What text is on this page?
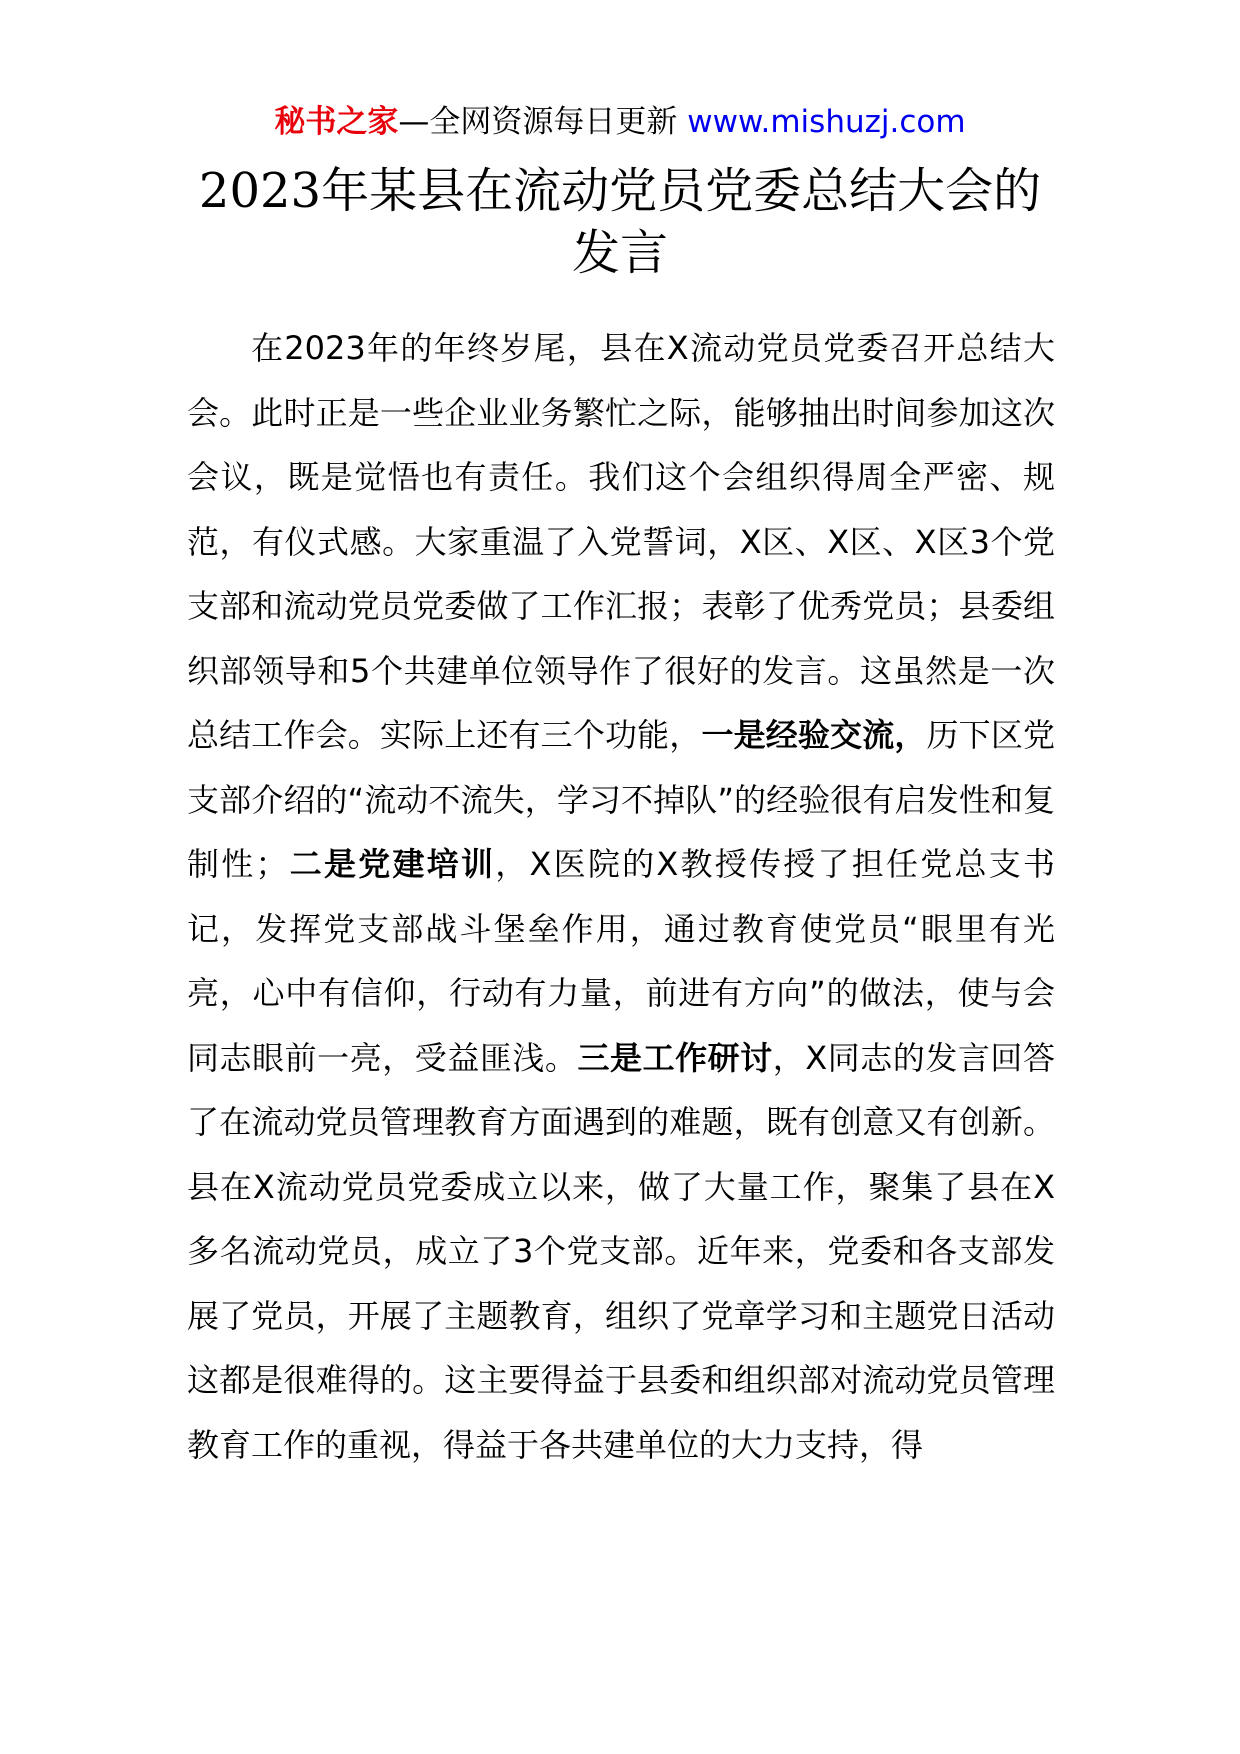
秘书之家—全网资源每日更新 www.mishuzj.com
2023年某县在流动党员党委总结大会的发言

在2023年的年终岁尾，县在X流动党员党委召开总结大会。此时正是一些企业业务繁忙之际，能够抽出时间参加这次会议，既是觉悟也有责任。我们这个会组织得周全严密、规范，有仪式感。大家重温了入党誓词，X区、X区、X区3个党支部和流动党员党委做了工作汇报；表彰了优秀党员；县委组织部领导和5个共建单位领导作了很好的发言。这虽然是一次总结工作会。实际上还有三个功能，一是经验交流，历下区党支部介绍的“流动不流失，学习不掉队”的经验很有启发性和复制性；二是党建培训，X医院的X教授传授了担任党总支书记，发挥党支部战斗堡垒作用，通过教育使党员“眼里有光亮，心中有信仰，行动有力量，前进有方向”的做法，使与会同志眼前一亮，受益匪浅。三是工作研讨，X同志的发言回答了在流动党员管理教育方面遇到的难题，既有创意又有创新。县在X流动党员党委成立以来，做了大量工作，聚集了县在X多名流动党员，成立了3个党支部。近年来，党委和各支部发展了党员，开展了主题教育，组织了党章学习和主题党日活动这都是很难得的。这主要得益于县委和组织部对流动党员管理教育工作的重视，得益于各共建单位的大力支持，得
